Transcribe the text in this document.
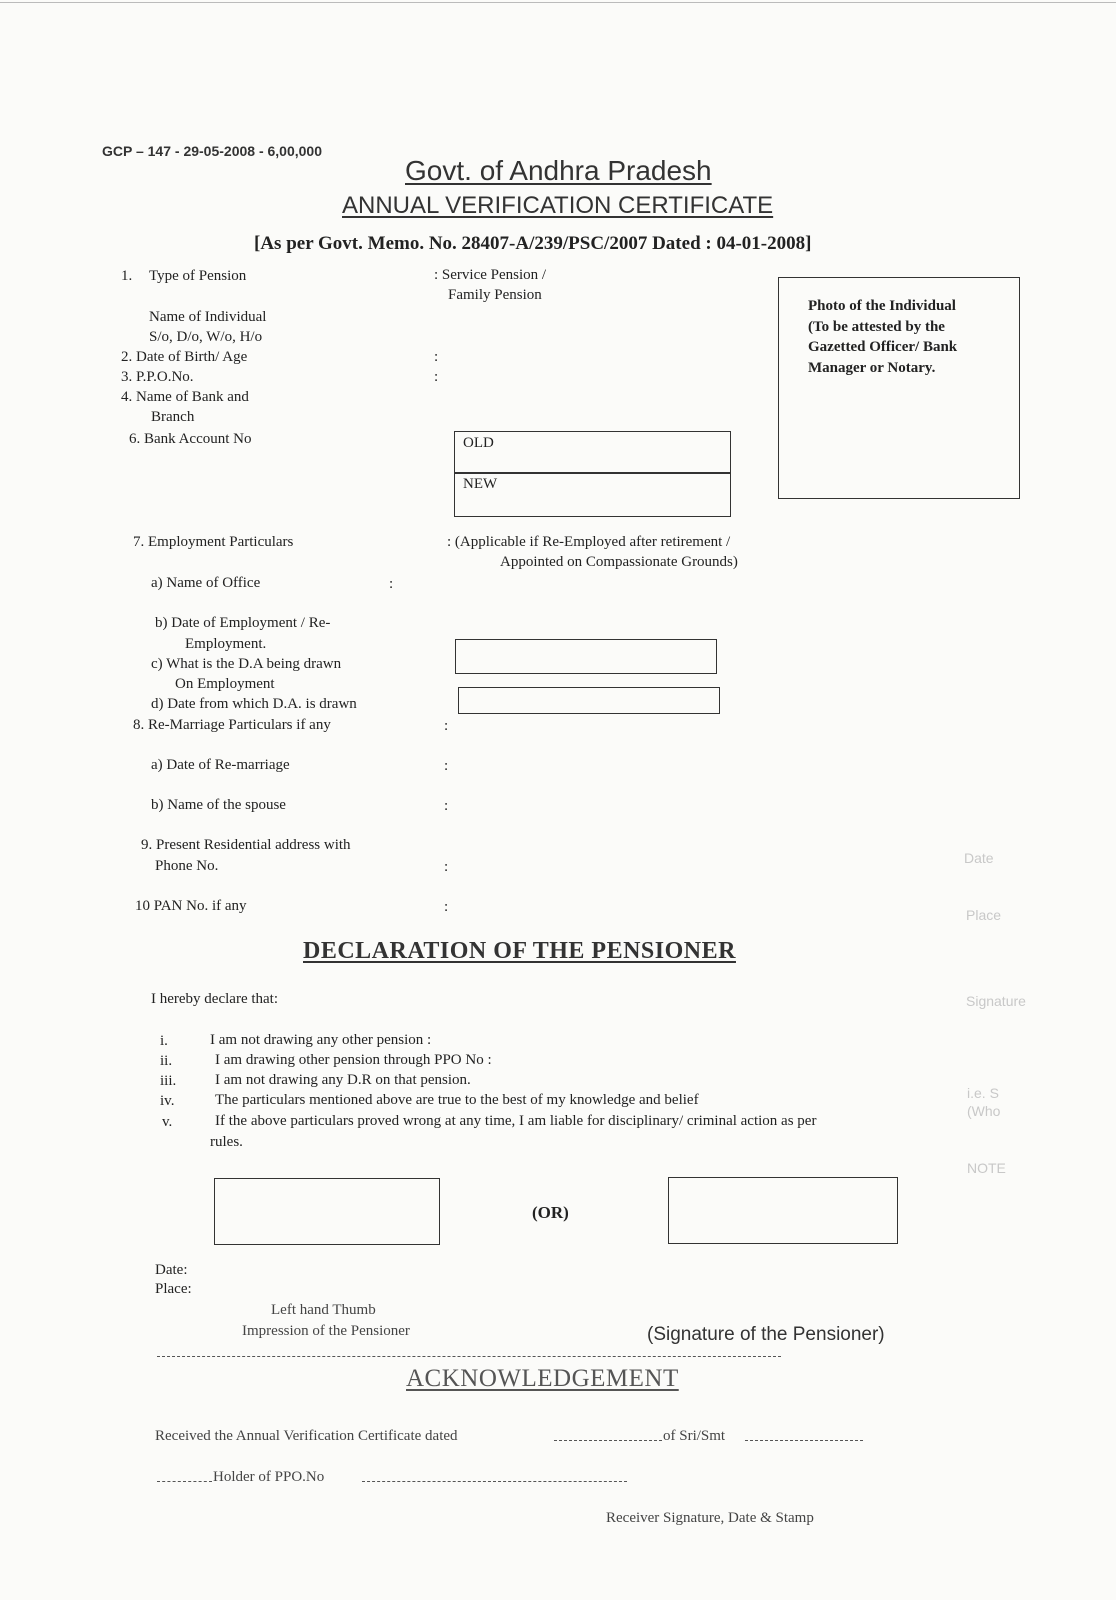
GCP – 147 - 29-05-2008 - 6,00,000
Govt. of Andhra Pradesh
ANNUAL VERIFICATION CERTIFICATE
[As per Govt. Memo. No. 28407-A/239/PSC/2007 Dated : 04-01-2008]
Photo of the Individual
(To be attested by the
Gazetted Officer/ Bank
Manager or Notary.
1. Type of Pension	: Service Pension /
Family Pension
Name of Individual
S/o, D/o, W/o, H/o
2. Date of Birth/ Age	:
3. P.P.O.No.	:
4. Name of Bank and
Branch
6. Bank Account No	OLD
NEW
7. Employment Particulars	: (Applicable if Re-Employed after retirement /
Appointed on Compassionate Grounds)
a) Name of Office	:
b) Date of Employment / Re-
Employment.
c) What is the D.A being drawn
On Employment
d) Date from which D.A. is drawn
8. Re-Marriage Particulars if any	:
a) Date of Re-marriage	:
b) Name of the spouse	:
9. Present Residential address with
Phone No.	:
10 PAN No. if any	:
DECLARATION OF THE PENSIONER
I hereby declare that:
i.	I am not drawing any other pension :
ii.	I am drawing other pension through PPO No :
iii.	I am not drawing any D.R on that pension.
iv.	The particulars mentioned above are true to the best of my knowledge and belief
v.	If the above particulars proved wrong at any time, I am liable for disciplinary/ criminal action as per
rules.
(OR)
Date:
Place:
Left hand Thumb
Impression of the Pensioner	(Signature of the Pensioner)
ACKNOWLEDGEMENT
Received the Annual Verification Certificate dated	of Sri/Smt
Holder of PPO.No
Receiver Signature, Date & Stamp
Date
Place
Signature
i.e. S
(Who
NOTE
